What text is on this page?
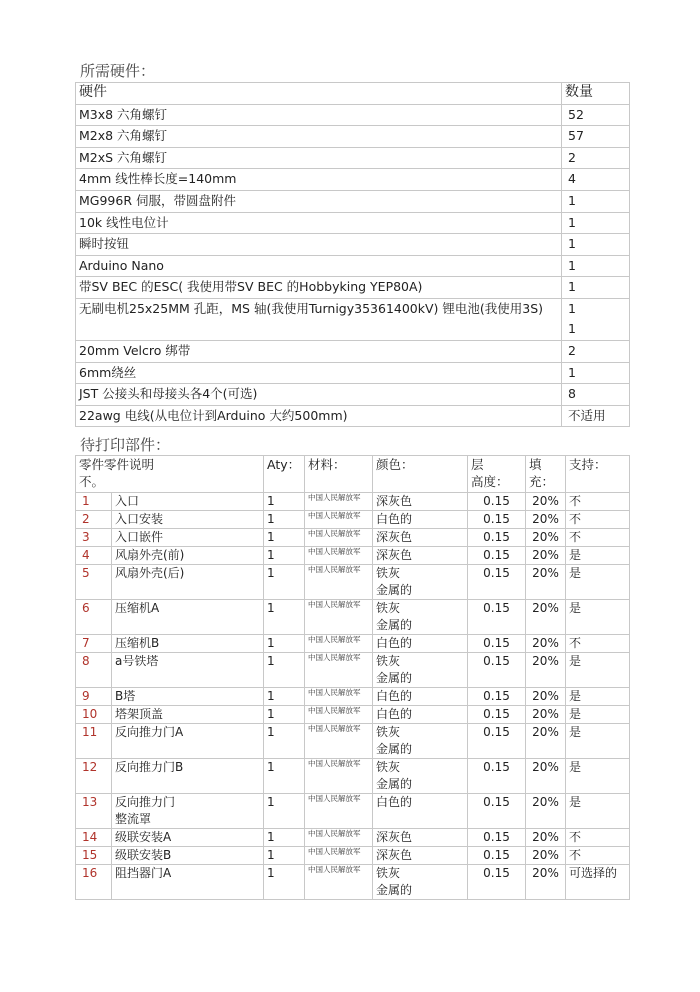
所需硬件：
硬件	数量
M3x8 六角螺钉	52

M2x8 六角螺钉	57

M2xS 六角螺钉	2

4mm 线性棒长度=140mm	4

MG996R 伺服，带圆盘附件	1

10k 线性电位计	1

瞬时按钮	1

Arduino Nano	1

带SV BEC 的ESC( 我使用带SV BEC 的Hobbyking YEP80A)	1

无刷电机25x25MM 孔距，MS 轴(我使用Turnigy35361400kV) 锂电池(我使用3S)	1
1

20mm Velcro 绑带	2

6mm绕丝	1

JST 公接头和母接头各4个(可选)	8

22awg 电线(从电位计到Arduino 大约500mm)	不适用
待打印部件：
零件零件说明
不。		Aty：	材料：	颜色：	层
高度：	填充：	支持：
1	入口	1	中国人民解放军	深灰色	0.15	20%	不
2	入口安装	1	中国人民解放军	白色的	0.15	20%	不
3	入口嵌件	1	中国人民解放军	深灰色	0.15	20%	不
4	风扇外壳(前)	1	中国人民解放军	深灰色	0.15	20%	是
5	风扇外壳(后)	1	中国人民解放军	铁灰
金属的	0.15	20%	是
6	压缩机A	1	中国人民解放军	铁灰
金属的	0.15	20%	是
7	压缩机B	1	中国人民解放军	白色的	0.15	20%	不
8	a号铁塔	1	中国人民解放军	铁灰
金属的	0.15	20%	是
9	B塔	1	中国人民解放军	白色的	0.15	20%	是
10	塔架顶盖	1	中国人民解放军	白色的	0.15	20%	是
11	反向推力门A	1	中国人民解放军	铁灰
金属的	0.15	20%	是
12	反向推力门B	1	中国人民解放军	铁灰
金属的	0.15	20%	是
13	反向推力门
整流罩	1	中国人民解放军	白色的	0.15	20%	是
14	级联安装A	1	中国人民解放军	深灰色	0.15	20%	不
15	级联安装B	1	中国人民解放军	深灰色	0.15	20%	不
16	阻挡器门A	1	中国人民解放军	铁灰
金属的	0.15	20%	可选择的
